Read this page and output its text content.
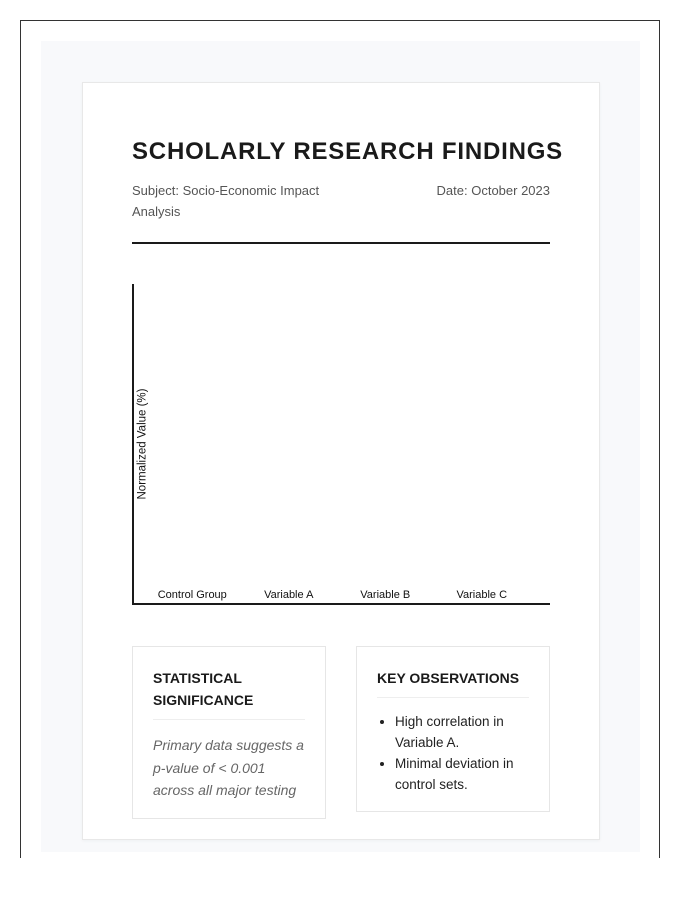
SCHOLARLY RESEARCH FINDINGS
Subject: Socio-Economic Impact Analysis
Date: October 2023
Normalized Value (%)
Control Group	Variable A	Variable B	Variable C
STATISTICAL SIGNIFICANCE

Primary data suggests a p-value of < 0.001 across all major testing

KEY OBSERVATIONS
• High correlation in Variable A.
• Minimal deviation in control sets.
